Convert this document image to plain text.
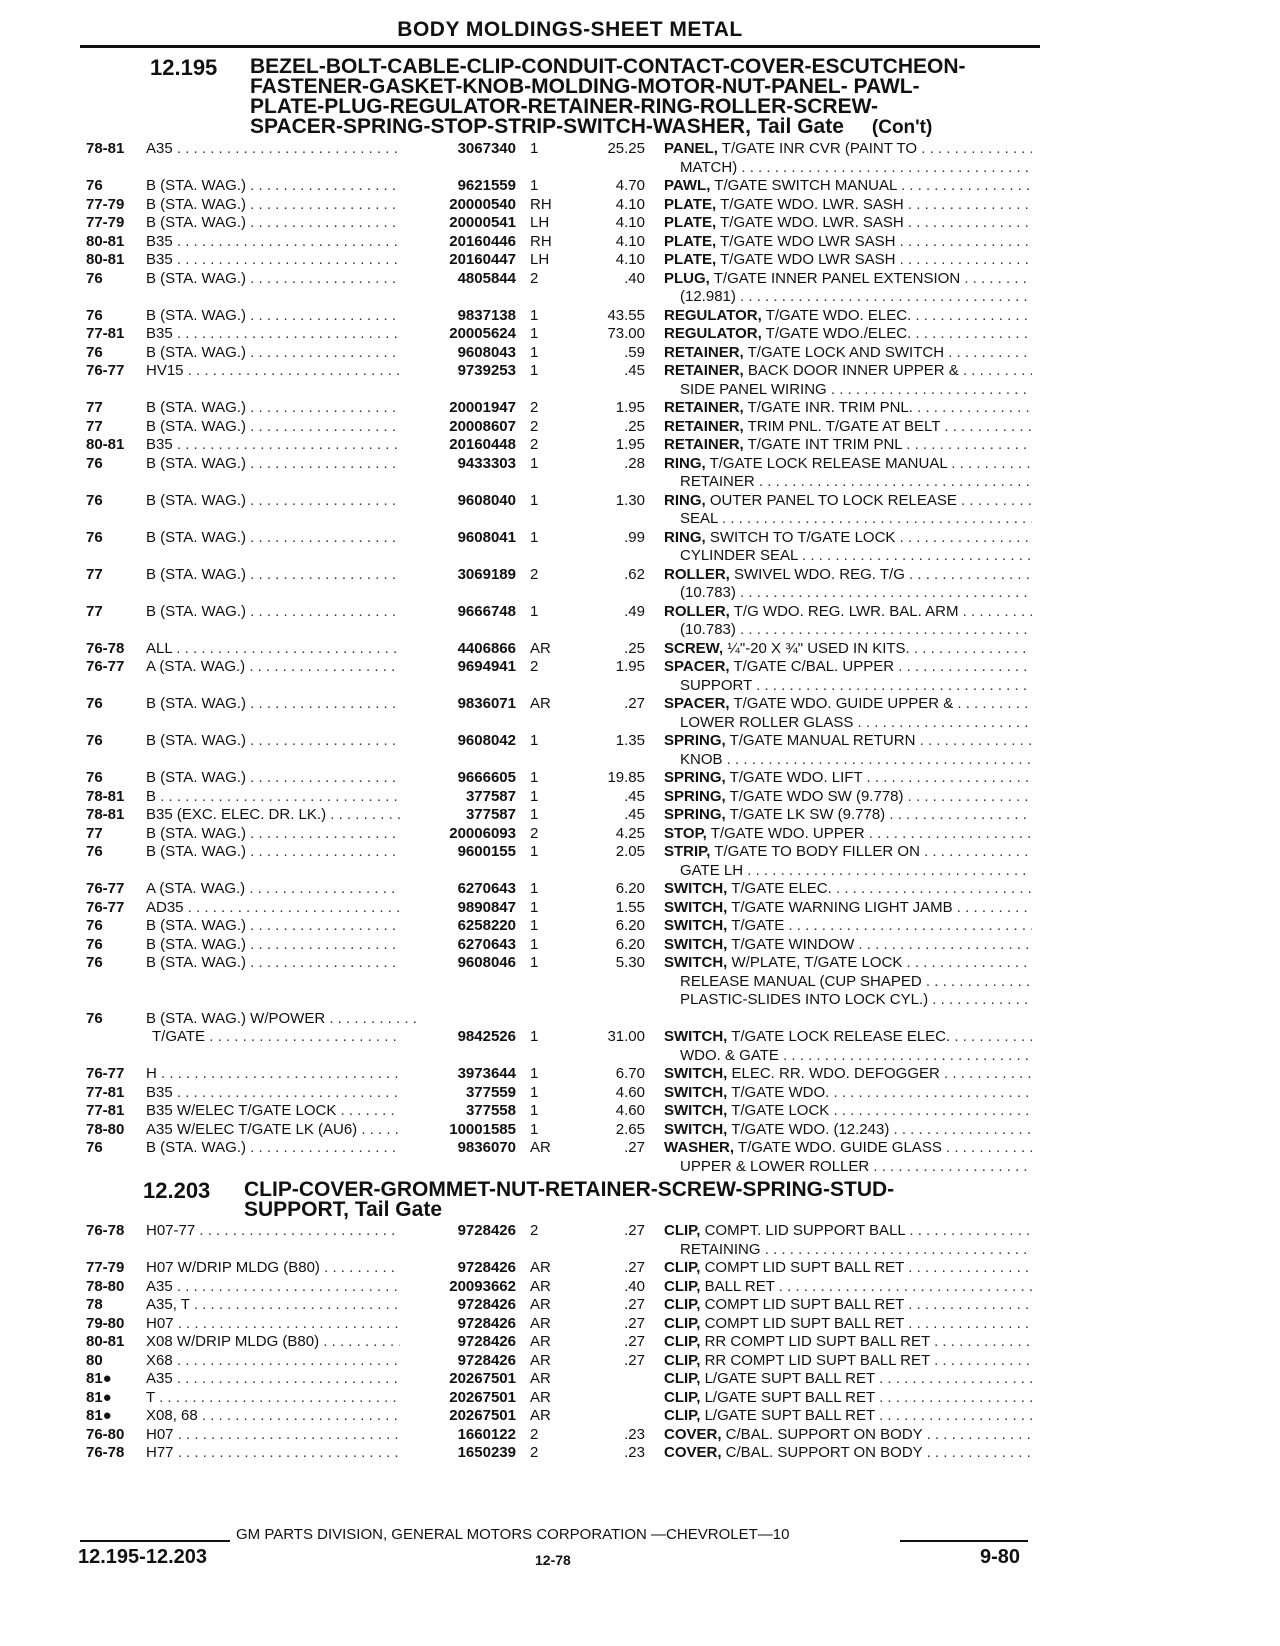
BODY MOLDINGS-SHEET METAL
12.195 BEZEL-BOLT-CABLE-CLIP-CONDUIT-CONTACT-COVER-ESCUTCHEON-
FASTENER-GASKET-KNOB-MOLDING-MOTOR-NUT-PANEL- PAWL-
PLATE-PLUG-REGULATOR-RETAINER-RING-ROLLER-SCREW-
SPACER-SPRING-STOP-STRIP-SWITCH-WASHER, Tail Gate (Con't)
78-81 A35 . . .	3067340 1	25.25 PANEL, T/GATE INR CVR (PAINT TO . . .
MATCH) . . .
76	B (STA. WAG.) . . .	9621559 1	4.70 PAWL, T/GATE SWITCH MANUAL . . .
77-79 B (STA. WAG.) . . .	20000540 RH	4.10 PLATE, T/GATE WDO. LWR. SASH . . .
77-79 B (STA. WAG.) . . .	20000541 LH	4.10 PLATE, T/GATE WDO. LWR. SASH . . .
80-81 B35 . . .	20160446 RH	4.10 PLATE, T/GATE WDO LWR SASH . . .
80-81 B35 . . .	20160447 LH	4.10 PLATE, T/GATE WDO LWR SASH . . .
76	B (STA. WAG.) . . .	4805844 2	.40 PLUG, T/GATE INNER PANEL EXTENSION . . .
(12.981) . . .
76	B (STA. WAG.) . . .	9837138 1	43.55 REGULATOR, T/GATE WDO. ELEC. . . .
77-81 B35 . . .	20005624 1	73.00 REGULATOR, T/GATE WDO./ELEC. . . .
76	B (STA. WAG.) . . .	9608043 1	.59 RETAINER, T/GATE LOCK AND SWITCH . . .
76-77 HV15 . . .	9739253 1	.45 RETAINER, BACK DOOR INNER UPPER & . . .
SIDE PANEL WIRING . . .
77	B (STA. WAG.) . . .	20001947 2	1.95 RETAINER, T/GATE INR. TRIM PNL. . . .
77	B (STA. WAG.) . . .	20008607 2	.25 RETAINER, TRIM PNL. T/GATE AT BELT . . .
80-81 B35 . . .	20160448 2	1.95 RETAINER, T/GATE INT TRIM PNL . . .
76	B (STA. WAG.) . . .	9433303 1	.28 RING, T/GATE LOCK RELEASE MANUAL . . .
RETAINER . . .
76	B (STA. WAG.) . . .	9608040 1	1.30 RING, OUTER PANEL TO LOCK RELEASE . . .
SEAL . . .
76	B (STA. WAG.) . . .	9608041 1	.99 RING, SWITCH TO T/GATE LOCK . . .
CYLINDER SEAL . . .
77	B (STA. WAG.) . . .	3069189 2	.62 ROLLER, SWIVEL WDO. REG. T/G . . .
(10.783) . . .
77	B (STA. WAG.) . . .	9666748 1	.49 ROLLER, T/G WDO. REG. LWR. BAL. ARM . . .
(10.783) . . .
76-78 ALL . . .	4406866 AR	.25 SCREW, ¼"-20 X ¾" USED IN KITS. . . .
76-77 A (STA. WAG.) . . .	9694941 2	1.95 SPACER, T/GATE C/BAL. UPPER . . .
SUPPORT . . .
76	B (STA. WAG.) . . .	9836071 AR	.27 SPACER, T/GATE WDO. GUIDE UPPER & . . .
LOWER ROLLER GLASS . . .
76	B (STA. WAG.) . . .	9608042 1	1.35 SPRING, T/GATE MANUAL RETURN . . .
KNOB . . .
76	B (STA. WAG.) . . .	9666605 1	19.85 SPRING, T/GATE WDO. LIFT . . .
78-81 B . . .	377587 1	.45 SPRING, T/GATE WDO SW (9.778) . . .
78-81 B35 (EXC. ELEC. DR. LK.) . . .	377587 1	.45 SPRING, T/GATE LK SW (9.778) . . .
77	B (STA. WAG.) . . .	20006093 2	4.25 STOP, T/GATE WDO. UPPER . . .
76	B (STA. WAG.) . . .	9600155 1	2.05 STRIP, T/GATE TO BODY FILLER ON . . .
GATE LH . . .
76-77 A (STA. WAG.) . . .	6270643 1	6.20 SWITCH, T/GATE ELEC. . . .
76-77 AD35 . . .	9890847 1	1.55 SWITCH, T/GATE WARNING LIGHT JAMB . . .
76	B (STA. WAG.) . . .	6258220 1	6.20 SWITCH, T/GATE . . .
76	B (STA. WAG.) . . .	6270643 1	6.20 SWITCH, T/GATE WINDOW . . .
76	B (STA. WAG.) . . .	9608046 1	5.30 SWITCH, W/PLATE, T/GATE LOCK . . .
RELEASE MANUAL (CUP SHAPED . . .
PLASTIC-SLIDES INTO LOCK CYL.) . . .
76	B (STA. WAG.) W/POWER . . .
T/GATE . . .	9842526 1	31.00 SWITCH, T/GATE LOCK RELEASE ELEC. . . .
WDO. & GATE . . .
76-77 H . . .	3973644 1	6.70 SWITCH, ELEC. RR. WDO. DEFOGGER . . .
77-81 B35 . . .	377559 1	4.60 SWITCH, T/GATE WDO. . . .
77-81 B35 W/ELEC T/GATE LOCK . . .	377558 1	4.60 SWITCH, T/GATE LOCK . . .
78-80 A35 W/ELEC T/GATE LK (AU6) . . .	10001585 1	2.65 SWITCH, T/GATE WDO. (12.243) . . .
76	B (STA. WAG.) . . .	9836070 AR	.27 WASHER, T/GATE WDO. GUIDE GLASS . . .
UPPER & LOWER ROLLER . . .
12.203 CLIP-COVER-GROMMET-NUT-RETAINER-SCREW-SPRING-STUD-
SUPPORT, Tail Gate
76-78 H07-77 . . .	9728426 2	.27 CLIP, COMPT. LID SUPPORT BALL . . .
RETAINING . . .
77-79 H07 W/DRIP MLDG (B80) . . .	9728426 AR	.27 CLIP, COMPT LID SUPT BALL RET . . .
78-80 A35 . . .	20093662 AR	.40 CLIP, BALL RET . . .
78	A35, T . . .	9728426 AR	.27 CLIP, COMPT LID SUPT BALL RET . . .
79-80 H07 . . .	9728426 AR	.27 CLIP, COMPT LID SUPT BALL RET . . .
80-81 X08 W/DRIP MLDG (B80) . . .	9728426 AR	.27 CLIP, RR COMPT LID SUPT BALL RET . . .
80	X68 . . .	9728426 AR	.27 CLIP, RR COMPT LID SUPT BALL RET . . .
81● A35 . . .	20267501 AR	CLIP, L/GATE SUPT BALL RET . . .
81● T . . .	20267501 AR	CLIP, L/GATE SUPT BALL RET . . .
81● X08, 68 . . .	20267501 AR	CLIP, L/GATE SUPT BALL RET . . .
76-80 H07 . . .	1660122 2	.23 COVER, C/BAL. SUPPORT ON BODY . . .
76-78 H77 . . .	1650239 2	.23 COVER, C/BAL. SUPPORT ON BODY . . .
GM PARTS DIVISION, GENERAL MOTORS CORPORATION —CHEVROLET—10
12.195-12.203	12-78	9-80
